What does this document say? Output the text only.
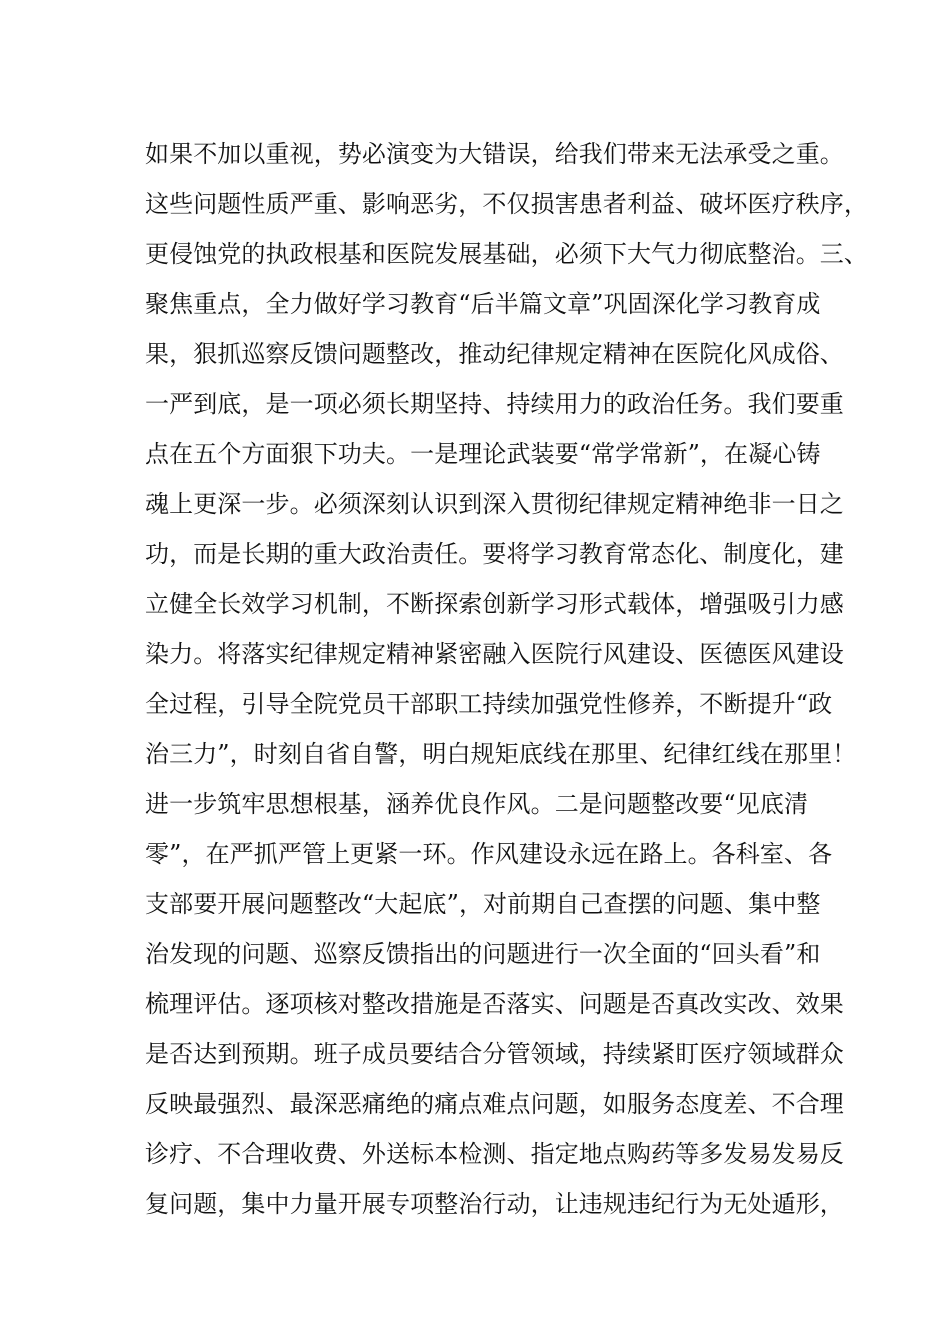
如果不加以重视，势必演变为大错误，给我们带来无法承受之重。
这些问题性质严重、影响恶劣，不仅损害患者利益、破坏医疗秩序，
更侵蚀党的执政根基和医院发展基础，必须下大气力彻底整治。三、
聚焦重点，全力做好学习教育“后半篇文章”巩固深化学习教育成
果，狠抓巡察反馈问题整改，推动纪律规定精神在医院化风成俗、
一严到底，是一项必须长期坚持、持续用力的政治任务。我们要重
点在五个方面狠下功夫。一是理论武装要“常学常新”，在凝心铸
魂上更深一步。必须深刻认识到深入贯彻纪律规定精神绝非一日之
功，而是长期的重大政治责任。要将学习教育常态化、制度化，建
立健全长效学习机制，不断探索创新学习形式载体，增强吸引力感
染力。将落实纪律规定精神紧密融入医院行风建设、医德医风建设
全过程，引导全院党员干部职工持续加强党性修养，不断提升“政
治三力”，时刻自省自警，明白规矩底线在那里、纪律红线在那里！
进一步筑牢思想根基，涵养优良作风。二是问题整改要“见底清
零”，在严抓严管上更紧一环。作风建设永远在路上。各科室、各
支部要开展问题整改“大起底”，对前期自己查摆的问题、集中整
治发现的问题、巡察反馈指出的问题进行一次全面的“回头看”和
梳理评估。逐项核对整改措施是否落实、问题是否真改实改、效果
是否达到预期。班子成员要结合分管领域，持续紧盯医疗领域群众
反映最强烈、最深恶痛绝的痛点难点问题，如服务态度差、不合理
诊疗、不合理收费、外送标本检测、指定地点购药等多发易发易反
复问题，集中力量开展专项整治行动，让违规违纪行为无处遁形，
